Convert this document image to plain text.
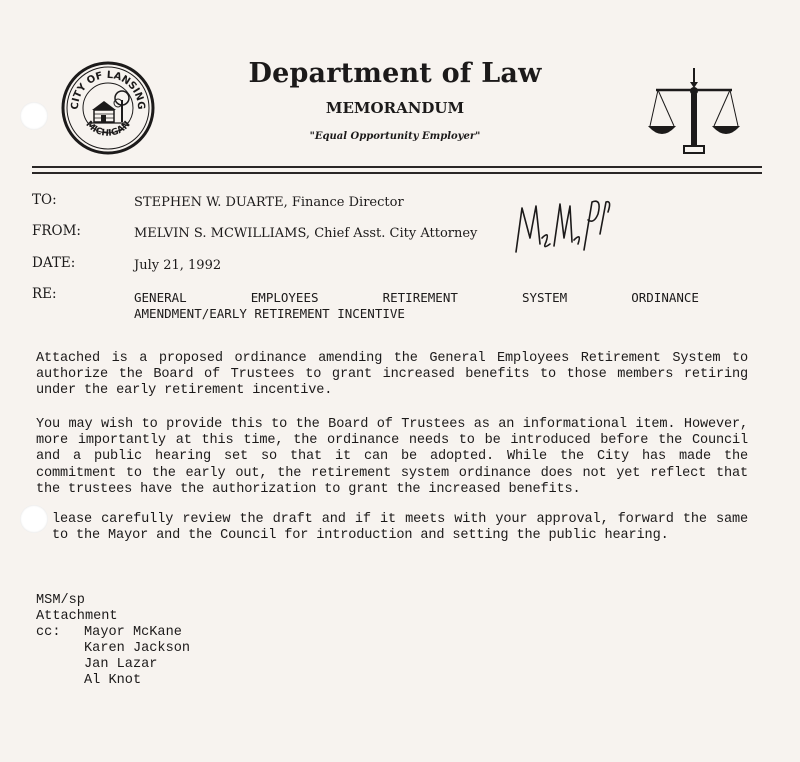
CITY OF LANSING
MICHIGAN
Department of Law
MEMORANDUM
"Equal Opportunity Employer"
TO:	STEPHEN W. DUARTE, Finance Director
FROM:	MELVIN S. MCWILLIAMS, Chief Asst. City Attorney
DATE:	July 21, 1992
RE:	GENERAL	EMPLOYEES	RETIREMENT	SYSTEM	ORDINANCE
AMENDMENT/EARLY RETIREMENT INCENTIVE
Attached is a proposed ordinance amending the General Employees Retirement System to authorize the Board of Trustees to grant increased benefits to those members retiring under the early retirement incentive.
You may wish to provide this to the Board of Trustees as an informational item. However, more importantly at this time, the ordinance needs to be introduced before the Council and a public hearing set so that it can be adopted. While the City has made the commitment to the early out, the retirement system ordinance does not yet reflect that the trustees have the authorization to grant the increased benefits.
lease carefully review the draft and if it meets with your approval, forward the same to the Mayor and the Council for introduction and setting the public hearing.
MSM/sp
Attachment
cc:	Mayor McKane
Karen Jackson
Jan Lazar
Al Knot
